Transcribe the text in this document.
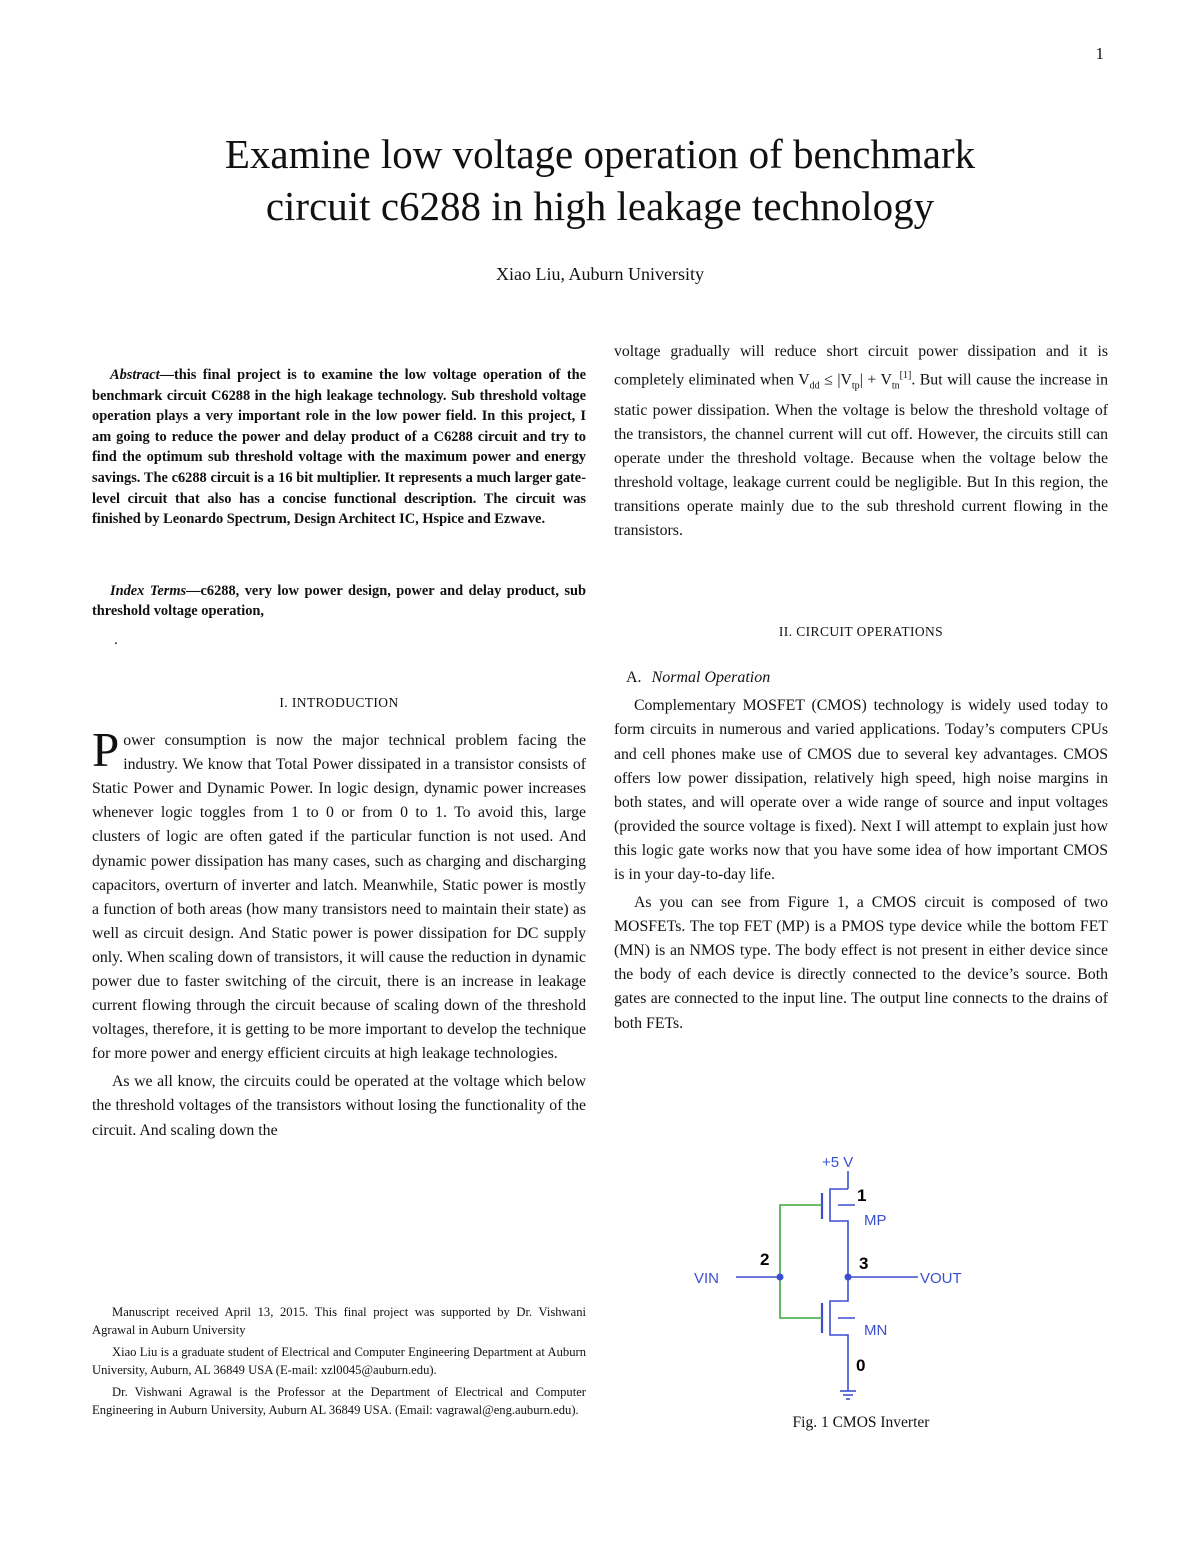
1
Examine low voltage operation of benchmark
circuit c6288 in high leakage technology
Xiao Liu, Auburn University

Abstract—this final project is to examine the low voltage operation of the benchmark circuit C6288 in the high leakage technology. Sub threshold voltage operation plays a very important role in the low power field. In this project, I am going to reduce the power and delay product of a C6288 circuit and try to find the optimum sub threshold voltage with the maximum power and energy savings. The c6288 circuit is a 16 bit multiplier. It represents a much larger gate-level circuit that also has a concise functional description. The circuit was finished by Leonardo Spectrum, Design Architect IC, Hspice and Ezwave.

Index Terms—c6288, very low power design, power and delay product, sub threshold voltage operation,

.

I. INTRODUCTION

Power consumption is now the major technical problem facing the industry. We know that Total Power dissipated in a transistor consists of Static Power and Dynamic Power. In logic design, dynamic power increases whenever logic toggles from 1 to 0 or from 0 to 1. To avoid this, large clusters of logic are often gated if the particular function is not used. And dynamic power dissipation has many cases, such as charging and discharging capacitors, overturn of inverter and latch. Meanwhile, Static power is mostly a function of both areas (how many transistors need to maintain their state) as well as circuit design. And Static power is power dissipation for DC supply only. When scaling down of transistors, it will cause the reduction in dynamic power due to faster switching of the circuit, there is an increase in leakage current flowing through the circuit because of scaling down of the threshold voltages, therefore, it is getting to be more important to develop the technique for more power and energy efficient circuits at high leakage technologies.

As we all know, the circuits could be operated at the voltage which below the threshold voltages of the transistors without losing the functionality of the circuit. And scaling down the

Manuscript received April 13, 2015. This final project was supported by Dr. Vishwani Agrawal in Auburn University

Xiao Liu is a graduate student of Electrical and Computer Engineering Department at Auburn University, Auburn, AL 36849 USA (E-mail: xzl0045@auburn.edu).

Dr. Vishwani Agrawal is the Professor at the Department of Electrical and Computer Engineering in Auburn University, Auburn AL 36849 USA. (Email: vagrawal@eng.auburn.edu).

voltage gradually will reduce short circuit power dissipation and it is completely eliminated when $V_{dd} \le |V_{tp}| + V_{tn}[1]$. But will cause the increase in static power dissipation. When the voltage is below the threshold voltage of the transistors, the channel current will cut off. However, the circuits still can operate under the threshold voltage. Because when the voltage below the threshold voltage, leakage current could be negligible. But In this region, the transitions operate mainly due to the sub threshold current flowing in the transistors.

II. CIRCUIT OPERATIONS

A. Normal Operation

Complementary MOSFET (CMOS) technology is widely used today to form circuits in numerous and varied applications. Today’s computers CPUs and cell phones make use of CMOS due to several key advantages. CMOS offers low power dissipation, relatively high speed, high noise margins in both states, and will operate over a wide range of source and input voltages (provided the source voltage is fixed). Next I will attempt to explain just how this logic gate works now that you have some idea of how important CMOS is in your day-to-day life.

As you can see from Figure 1, a CMOS circuit is composed of two MOSFETs. The top FET (MP) is a PMOS type device while the bottom FET (MN) is an NMOS type. The body effect is not present in either device since the body of each device is directly connected to the device’s source. Both gates are connected to the input line. The output line connects to the drains of both FETs.

+5 V
1
MP
2	3
VIN	VOUT
MN
0
Fig. 1 CMOS Inverter
